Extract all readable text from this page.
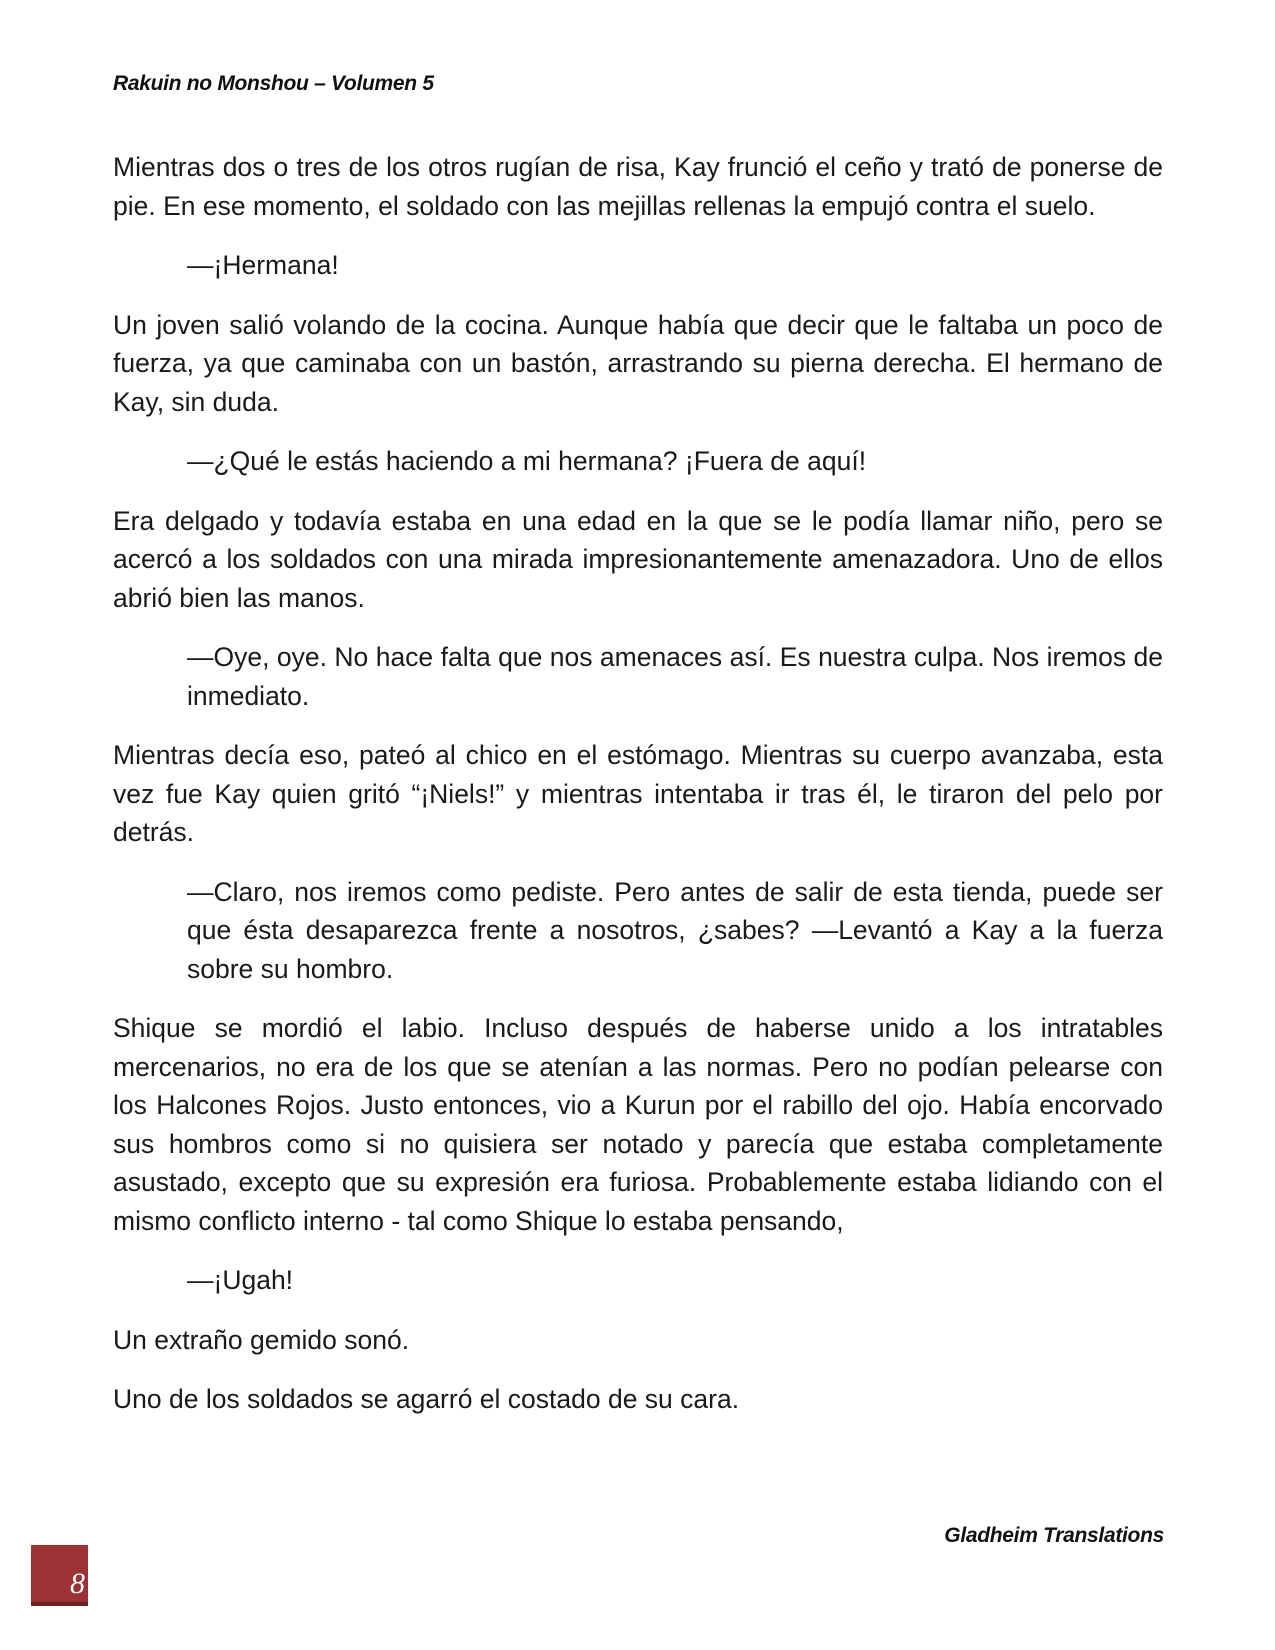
Rakuin no Monshou – Volumen 5

Mientras dos o tres de los otros rugían de risa, Kay frunció el ceño y trató de ponerse de pie. En ese momento, el soldado con las mejillas rellenas la empujó contra el suelo.

—¡Hermana!

Un joven salió volando de la cocina. Aunque había que decir que le faltaba un poco de fuerza, ya que caminaba con un bastón, arrastrando su pierna derecha. El hermano de Kay, sin duda.

—¿Qué le estás haciendo a mi hermana? ¡Fuera de aquí!

Era delgado y todavía estaba en una edad en la que se le podía llamar niño, pero se acercó a los soldados con una mirada impresionantemente amenazadora. Uno de ellos abrió bien las manos.

—Oye, oye. No hace falta que nos amenaces así. Es nuestra culpa. Nos iremos de inmediato.

Mientras decía eso, pateó al chico en el estómago. Mientras su cuerpo avanzaba, esta vez fue Kay quien gritó “¡Niels!” y mientras intentaba ir tras él, le tiraron del pelo por detrás.

—Claro, nos iremos como pediste. Pero antes de salir de esta tienda, puede ser que ésta desaparezca frente a nosotros, ¿sabes? —Levantó a Kay a la fuerza sobre su hombro.

Shique se mordió el labio. Incluso después de haberse unido a los intratables mercenarios, no era de los que se atenían a las normas. Pero no podían pelearse con los Halcones Rojos. Justo entonces, vio a Kurun por el rabillo del ojo. Había encorvado sus hombros como si no quisiera ser notado y parecía que estaba completamente asustado, excepto que su expresión era furiosa. Probablemente estaba lidiando con el mismo conflicto interno - tal como Shique lo estaba pensando,

—¡Ugah!

Un extraño gemido sonó.

Uno de los soldados se agarró el costado de su cara.

Gladheim Translations
8
